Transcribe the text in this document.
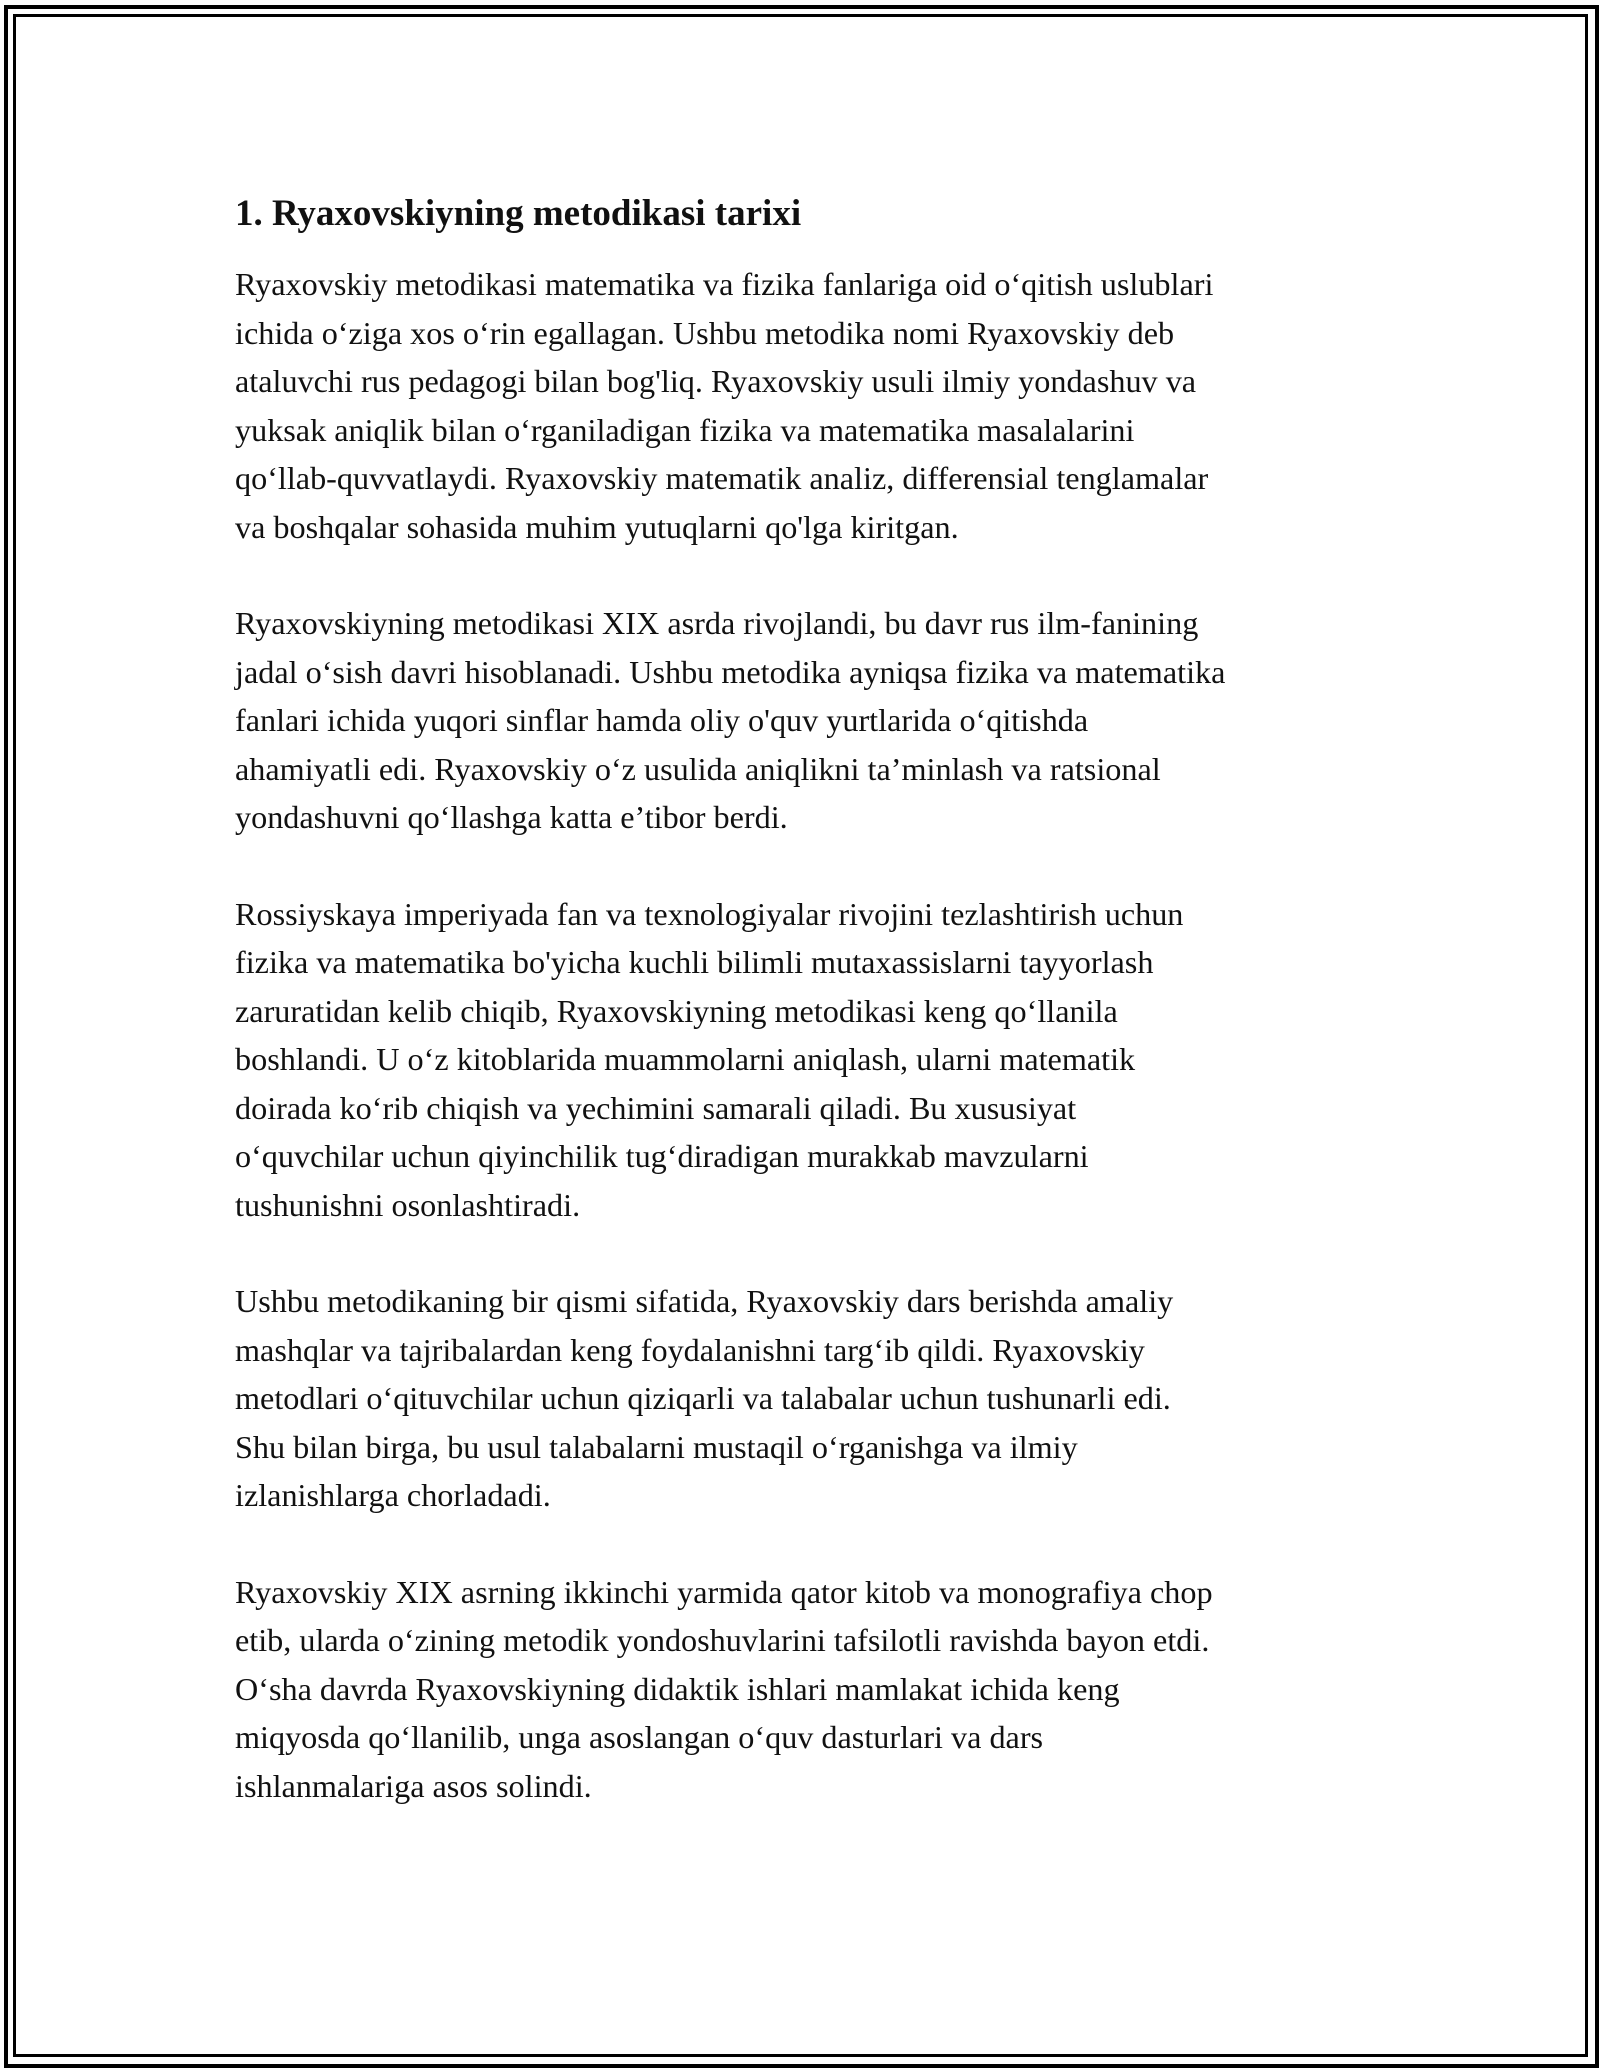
1. Ryaxovskiyning metodikasi tarixi

Ryaxovskiy metodikasi matematika va fizika fanlariga oid o‘qitish uslublari
ichida o‘ziga xos o‘rin egallagan. Ushbu metodika nomi Ryaxovskiy deb
ataluvchi rus pedagogi bilan bog'liq. Ryaxovskiy usuli ilmiy yondashuv va
yuksak aniqlik bilan o‘rganiladigan fizika va matematika masalalarini
qo‘llab-quvvatlaydi. Ryaxovskiy matematik analiz, differensial tenglamalar
va boshqalar sohasida muhim yutuqlarni qo'lga kiritgan.

Ryaxovskiyning metodikasi XIX asrda rivojlandi, bu davr rus ilm-fanining
jadal o‘sish davri hisoblanadi. Ushbu metodika ayniqsa fizika va matematika
fanlari ichida yuqori sinflar hamda oliy o'quv yurtlarida o‘qitishda
ahamiyatli edi. Ryaxovskiy o‘z usulida aniqlikni ta’minlash va ratsional
yondashuvni qo‘llashga katta e’tibor berdi.

Rossiyskaya imperiyada fan va texnologiyalar rivojini tezlashtirish uchun
fizika va matematika bo'yicha kuchli bilimli mutaxassislarni tayyorlash
zaruratidan kelib chiqib, Ryaxovskiyning metodikasi keng qo‘llanila
boshlandi. U o‘z kitoblarida muammolarni aniqlash, ularni matematik
doirada ko‘rib chiqish va yechimini samarali qiladi. Bu xususiyat
o‘quvchilar uchun qiyinchilik tug‘diradigan murakkab mavzularni
tushunishni osonlashtiradi.

Ushbu metodikaning bir qismi sifatida, Ryaxovskiy dars berishda amaliy
mashqlar va tajribalardan keng foydalanishni targ‘ib qildi. Ryaxovskiy
metodlari o‘qituvchilar uchun qiziqarli va talabalar uchun tushunarli edi.
Shu bilan birga, bu usul talabalarni mustaqil o‘rganishga va ilmiy
izlanishlarga chorladadi.

Ryaxovskiy XIX asrning ikkinchi yarmida qator kitob va monografiya chop
etib, ularda o‘zining metodik yondoshuvlarini tafsilotli ravishda bayon etdi.
O‘sha davrda Ryaxovskiyning didaktik ishlari mamlakat ichida keng
miqyosda qo‘llanilib, unga asoslangan o‘quv dasturlari va dars
ishlanmalariga asos solindi.
